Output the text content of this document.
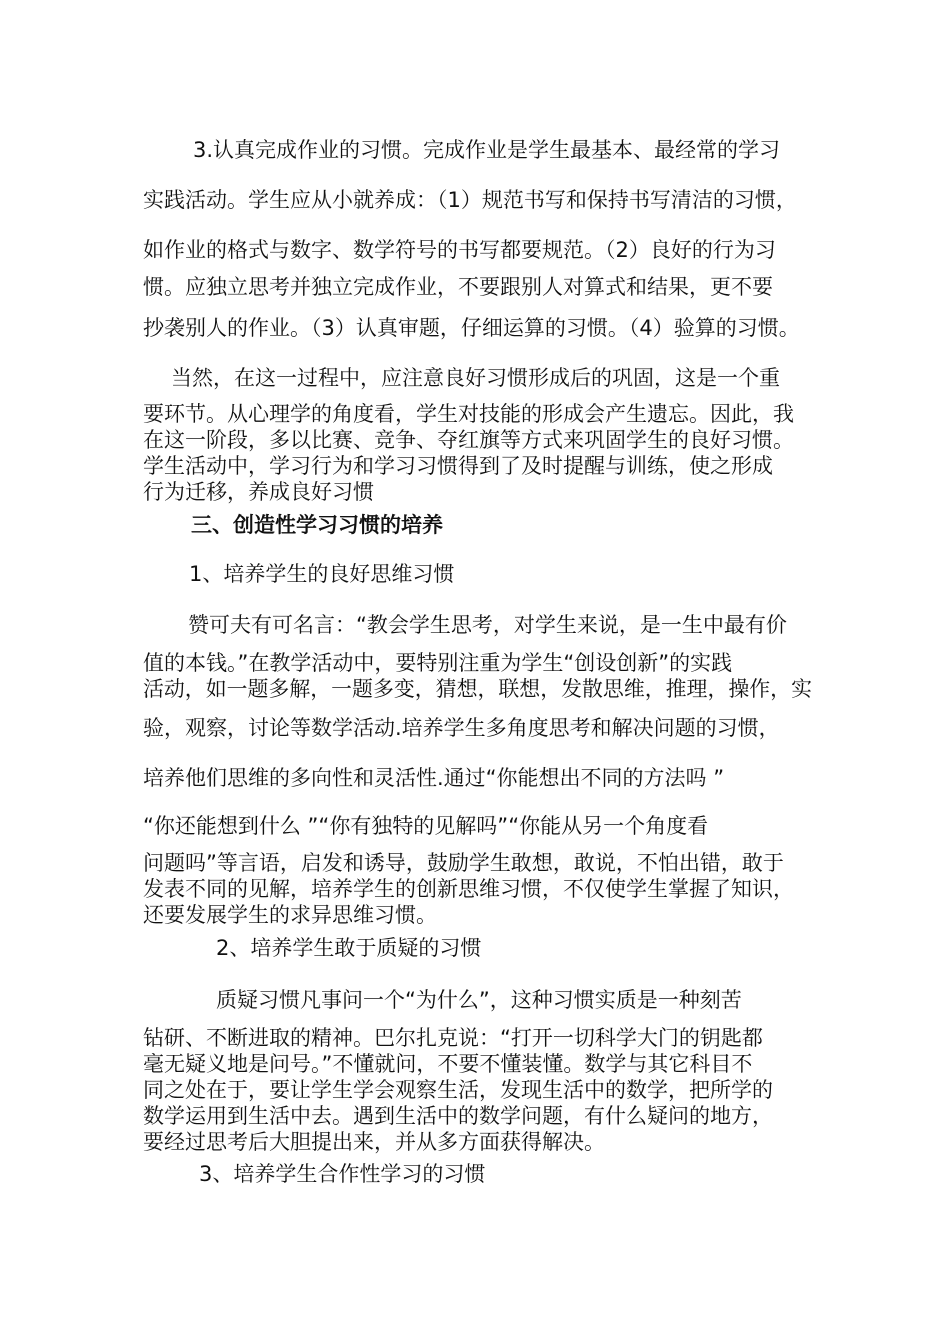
3.认真完成作业的习惯。完成作业是学生最基本、最经常的学习
实践活动。学生应从小就养成：（1）规范书写和保持书写清洁的习惯，
如作业的格式与数字、数学符号的书写都要规范。（2）良好的行为习
惯。应独立思考并独立完成作业，不要跟别人对算式和结果，更不要
抄袭别人的作业。（3）认真审题，仔细运算的习惯。（4）验算的习惯。
当然，在这一过程中，应注意良好习惯形成后的巩固，这是一个重
要环节。从心理学的角度看，学生对技能的形成会产生遗忘。因此，我
在这一阶段，多以比赛、竞争、夺红旗等方式来巩固学生的良好习惯。
学生活动中，学习行为和学习习惯得到了及时提醒与训练，使之形成
行为迁移，养成良好习惯
三、创造性学习习惯的培养
1、培养学生的良好思维习惯
赞可夫有可名言：“教会学生思考，对学生来说，是一生中最有价
值的本钱。”在教学活动中，要特别注重为学生“创设创新”的实践
活动，如一题多解，一题多变，猜想，联想，发散思维，推理，操作，实
验，观察，讨论等数学活动.培养学生多角度思考和解决问题的习惯，
培养他们思维的多向性和灵活性.通过“你能想出不同的方法吗 ”
“你还能想到什么 ”“你有独特的见解吗”“你能从另一个角度看
问题吗”等言语，启发和诱导，鼓励学生敢想，敢说，不怕出错，敢于
发表不同的见解，培养学生的创新思维习惯，不仅使学生掌握了知识，
还要发展学生的求异思维习惯。
2、培养学生敢于质疑的习惯
质疑习惯凡事问一个“为什么”，这种习惯实质是一种刻苦
钻研、不断进取的精神。巴尔扎克说：“打开一切科学大门的钥匙都
毫无疑义地是问号。”不懂就问，不要不懂装懂。数学与其它科目不
同之处在于，要让学生学会观察生活，发现生活中的数学，把所学的
数学运用到生活中去。遇到生活中的数学问题，有什么疑问的地方，
要经过思考后大胆提出来，并从多方面获得解决。
3、培养学生合作性学习的习惯
